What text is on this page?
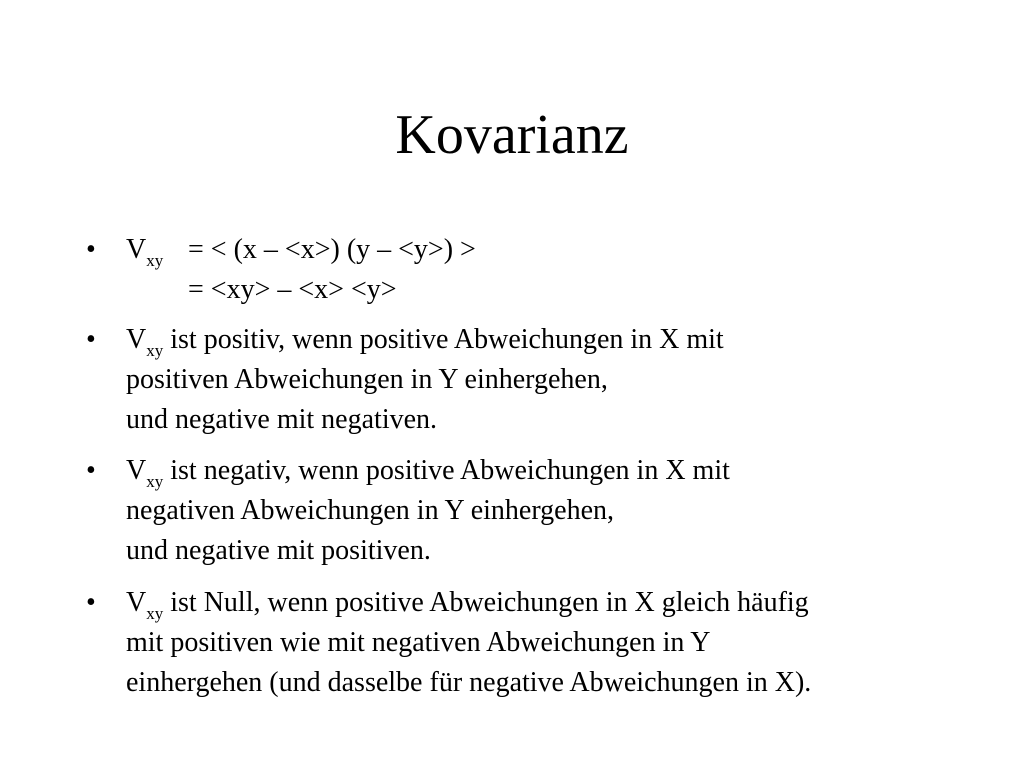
Kovarianz
• $V_{xy}$ = < (x – <x>) (y – <y>) >
= <xy> – <x> <y>
• $V_{xy}$ ist positiv, wenn positive Abweichungen in X mit
positiven Abweichungen in Y einhergehen,
und negative mit negativen.
• $V_{xy}$ ist negativ, wenn positive Abweichungen in X mit
negativen Abweichungen in Y einhergehen,
und negative mit positiven.
• $V_{xy}$ ist Null, wenn positive Abweichungen in X gleich häufig
mit positiven wie mit negativen Abweichungen in Y
einhergehen (und dasselbe für negative Abweichungen in X).
